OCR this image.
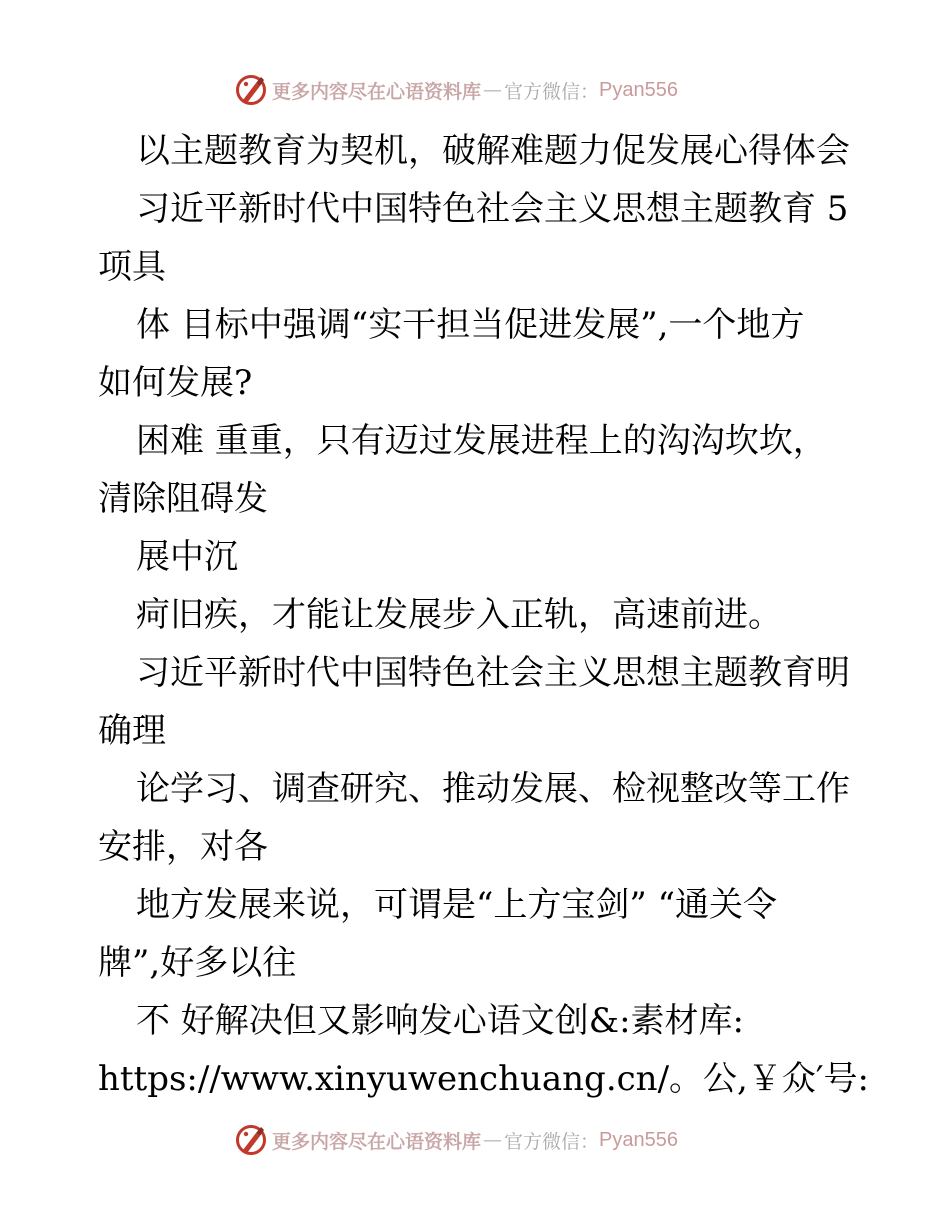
更多内容尽在心语资料库 — 官方微信： Pyan556
以主题教育为契机，破解难题力促发展心得体会
习近平新时代中国特色社会主义思想主题教育 5
项具
体 目标中强调“实干担当促进发展”,一个地方
如何发展?
困难 重重，只有迈过发展进程上的沟沟坎坎，
清除阻碍发
展中沉
疴旧疾，才能让发展步入正轨，高速前进。
习近平新时代中国特色社会主义思想主题教育明
确理
论学习、调查研究、推动发展、检视整改等工作
安排，对各
地方发展来说，可谓是“上方宝剑” “通关令
牌”,好多以往
不 好解决但又影响发心语文创&:素材库:
https://www.xinyuwenchuang.cn/。公,￥众′号:
更多内容尽在心语资料库 — 官方微信： Pyan556
